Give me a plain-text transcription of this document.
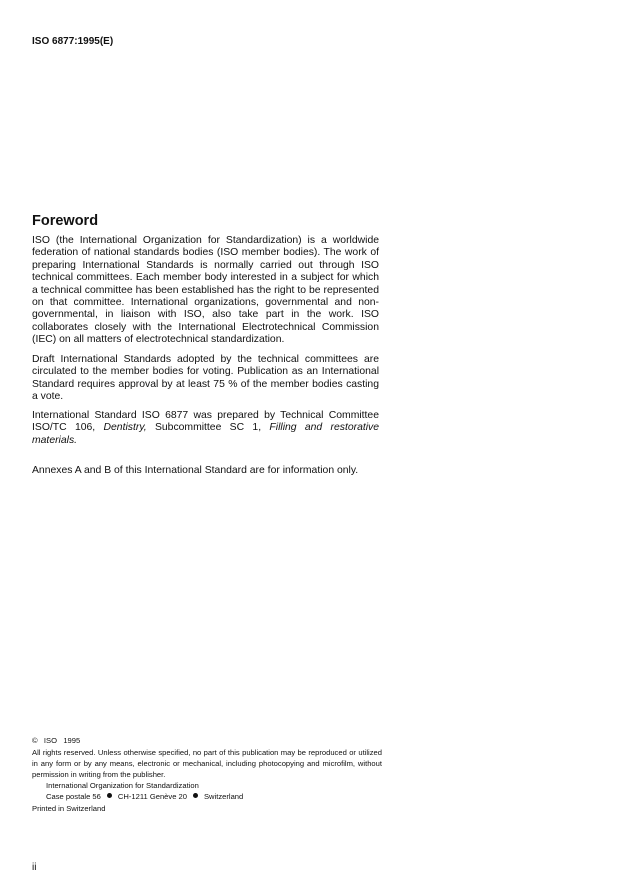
ISO 6877:1995(E)
Foreword
ISO (the International Organization for Standardization) is a worldwide federation of national standards bodies (ISO member bodies). The work of preparing International Standards is normally carried out through ISO technical committees. Each member body interested in a subject for which a technical committee has been established has the right to be represented on that committee. International organizations, governmental and non-governmental, in liaison with ISO, also take part in the work. ISO collaborates closely with the International Electrotechnical Commission (IEC) on all matters of electrotechnical standardization.
Draft International Standards adopted by the technical committees are circulated to the member bodies for voting. Publication as an International Standard requires approval by at least 75 % of the member bodies casting a vote.
International Standard ISO 6877 was prepared by Technical Committee ISO/TC 106, Dentistry, Subcommittee SC 1, Filling and restorative materials.
Annexes A and B of this International Standard are for information only.
©   ISO   1995
All rights reserved. Unless otherwise specified, no part of this publication may be reproduced or utilized in any form or by any means, electronic or mechanical, including photocopying and microfilm, without permission in writing from the publisher.
International Organization for Standardization
Case postale 56 CH-1211 Genève 20 Switzerland
Printed in Switzerland
ii
